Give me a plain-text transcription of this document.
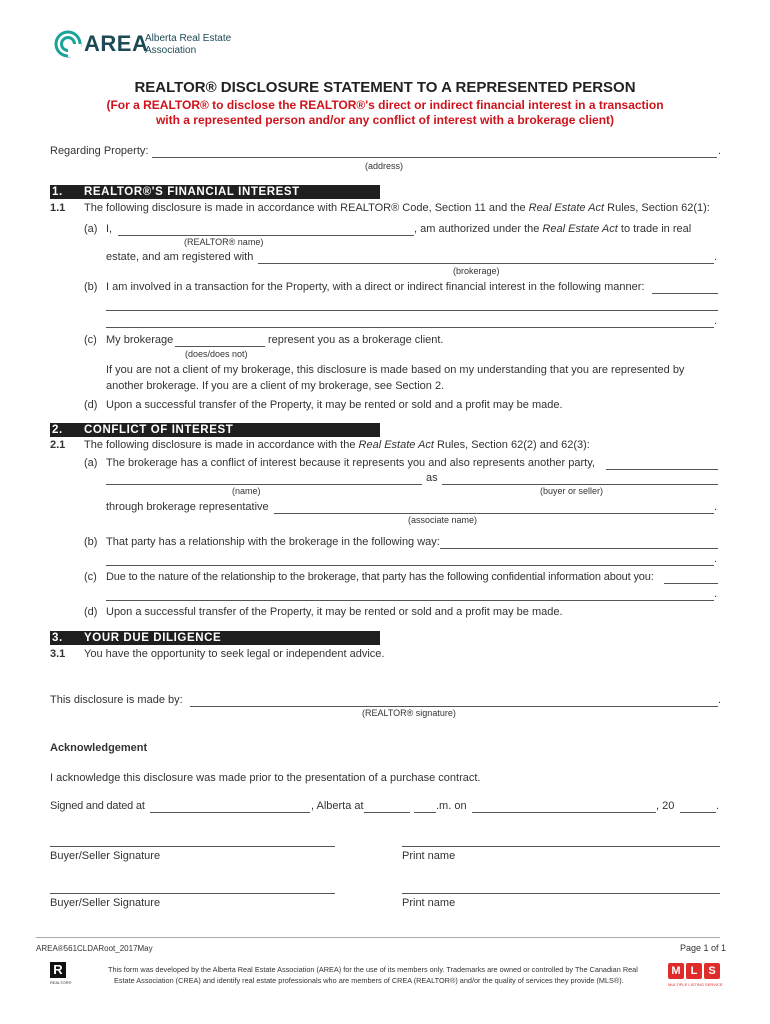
AREA
Alberta Real Estate
Association
REALTOR® DISCLOSURE STATEMENT TO A REPRESENTED PERSON
(For a REALTOR® to disclose the REALTOR®'s direct or indirect financial interest in a transaction
with a represented person and/or any conflict of interest with a brokerage client)
Regarding Property:	.
(address)
1. REALTOR®'S FINANCIAL INTEREST
1.1 The following disclosure is made in accordance with REALTOR® Code, Section 11 and the Real Estate Act Rules, Section 62(1):
(a) I,	, am authorized under the Real Estate Act to trade in real
(REALTOR® name)
estate, and am registered with	.
(brokerage)
(b) I am involved in a transaction for the Property, with a direct or indirect financial interest in the following manner:
.
(c) My brokerage	represent you as a brokerage client.
(does/does not)
If you are not a client of my brokerage, this disclosure is made based on my understanding that you are represented by
another brokerage. If you are a client of my brokerage, see Section 2.
(d) Upon a successful transfer of the Property, it may be rented or sold and a profit may be made.
2. CONFLICT OF INTEREST
2.1 The following disclosure is made in accordance with the Real Estate Act Rules, Section 62(2) and 62(3):
(a) The brokerage has a conflict of interest because it represents you and also represents another party,
as
(name)	(buyer or seller)
through brokerage representative	.
(associate name)
(b) That party has a relationship with the brokerage in the following way:
.
(c) Due to the nature of the relationship to the brokerage, that party has the following confidential information about you:
.
(d) Upon a successful transfer of the Property, it may be rented or sold and a profit may be made.
3. YOUR DUE DILIGENCE
3.1 You have the opportunity to seek legal or independent advice.
This disclosure is made by:	.
(REALTOR® signature)
Acknowledgement
I acknowledge this disclosure was made prior to the presentation of a purchase contract.
Signed and dated at	, Alberta at	.m. on	, 20	.
Buyer/Seller Signature	Print name
Buyer/Seller Signature	Print name
AREA®561CLDARoot_2017May	Page 1 of 1
R
REALTOR®
This form was developed by the Alberta Real Estate Association (AREA) for the use of its members only. Trademarks are owned or controlled by The Canadian Real
Estate Association (CREA) and identify real estate professionals who are members of CREA (REALTOR®) and/or the quality of services they provide (MLS®).
M L S
MULTIPLE LISTING SERVICE
